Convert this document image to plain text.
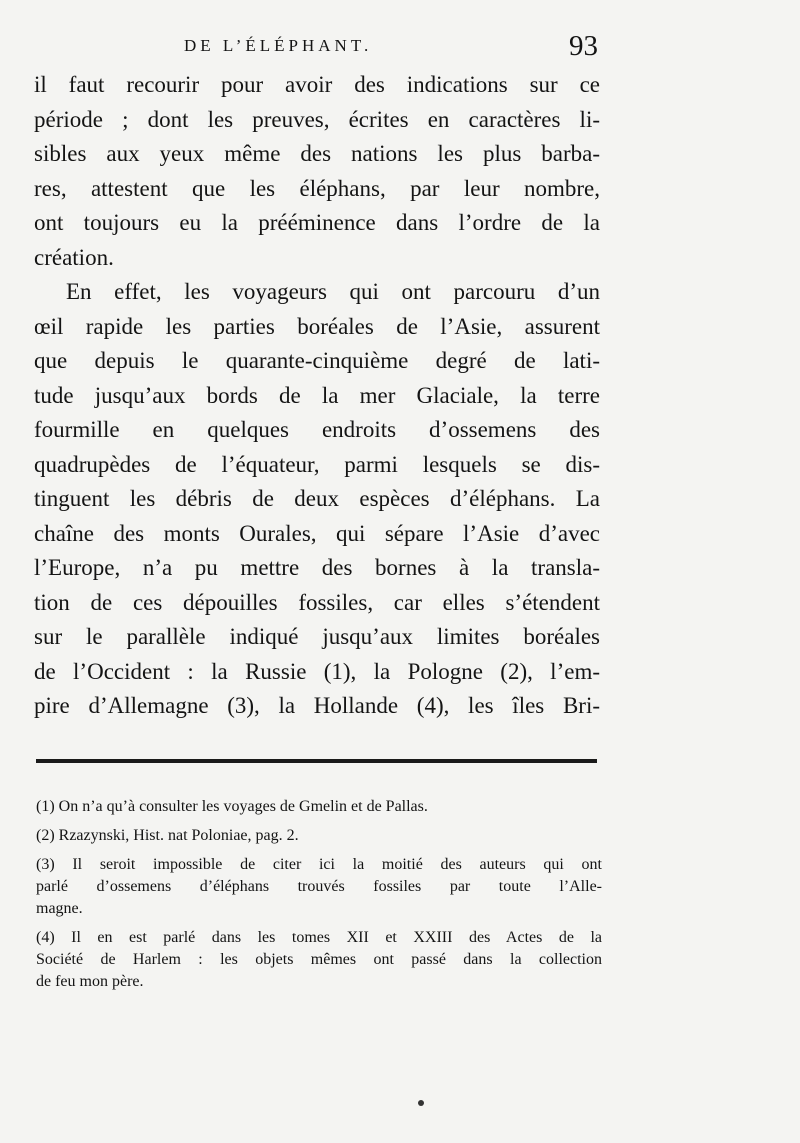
DE L’ÉLÉPHANT.	93
il faut recourir pour avoir des indications sur ce
période ; dont les preuves, écrites en caractères li-
sibles aux yeux même des nations les plus barba-
res, attestent que les éléphans, par leur nombre,
ont toujours eu la prééminence dans l’ordre de la
création.
En effet, les voyageurs qui ont parcouru d’un
œil rapide les parties boréales de l’Asie, assurent
que depuis le quarante-cinquième degré de lati-
tude jusqu’aux bords de la mer Glaciale, la terre
fourmille en quelques endroits d’ossemens des
quadrupèdes de l’équateur, parmi lesquels se dis-
tinguent les débris de deux espèces d’éléphans. La
chaîne des monts Ourales, qui sépare l’Asie d’avec
l’Europe, n’a pu mettre des bornes à la transla-
tion de ces dépouilles fossiles, car elles s’étendent
sur le parallèle indiqué jusqu’aux limites boréales
de l’Occident : la Russie (1), la Pologne (2), l’em-
pire d’Allemagne (3), la Hollande (4), les îles Bri-
(1) On n’a qu’à consulter les voyages de Gmelin et de Pallas.
(2) Rzazynski, Hist. nat Poloniae, pag. 2.
(3) Il seroit impossible de citer ici la moitié des auteurs qui ont
parlé d’ossemens d’éléphans trouvés fossiles par toute l’Alle-
magne.
(4) Il en est parlé dans les tomes XII et XXIII des Actes de la
Société de Harlem : les objets mêmes ont passé dans la collection
de feu mon père.
